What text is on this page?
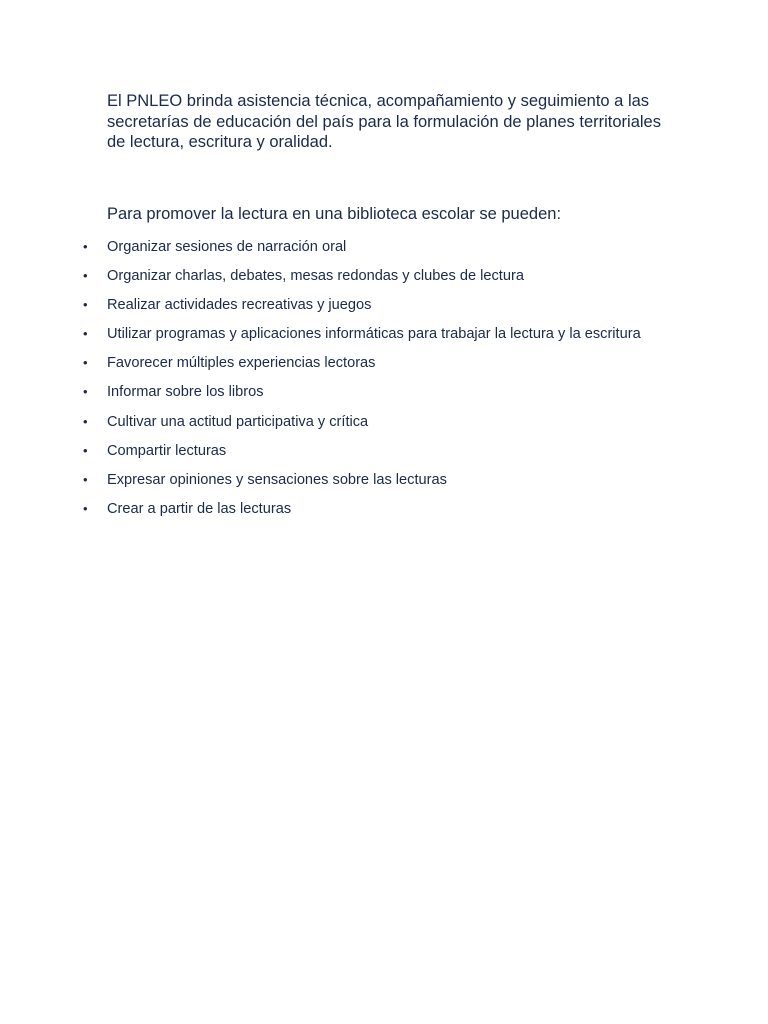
El PNLEO brinda asistencia técnica, acompañamiento y seguimiento a las secretarías de educación del país para la formulación de planes territoriales de lectura, escritura y oralidad.

Para promover la lectura en una biblioteca escolar se pueden:

•	Organizar sesiones de narración oral
•	Organizar charlas, debates, mesas redondas y clubes de lectura
•	Realizar actividades recreativas y juegos
•	Utilizar programas y aplicaciones informáticas para trabajar la lectura y la escritura
•	Favorecer múltiples experiencias lectoras
•	Informar sobre los libros
•	Cultivar una actitud participativa y crítica
•	Compartir lecturas
•	Expresar opiniones y sensaciones sobre las lecturas
•	Crear a partir de las lecturas
